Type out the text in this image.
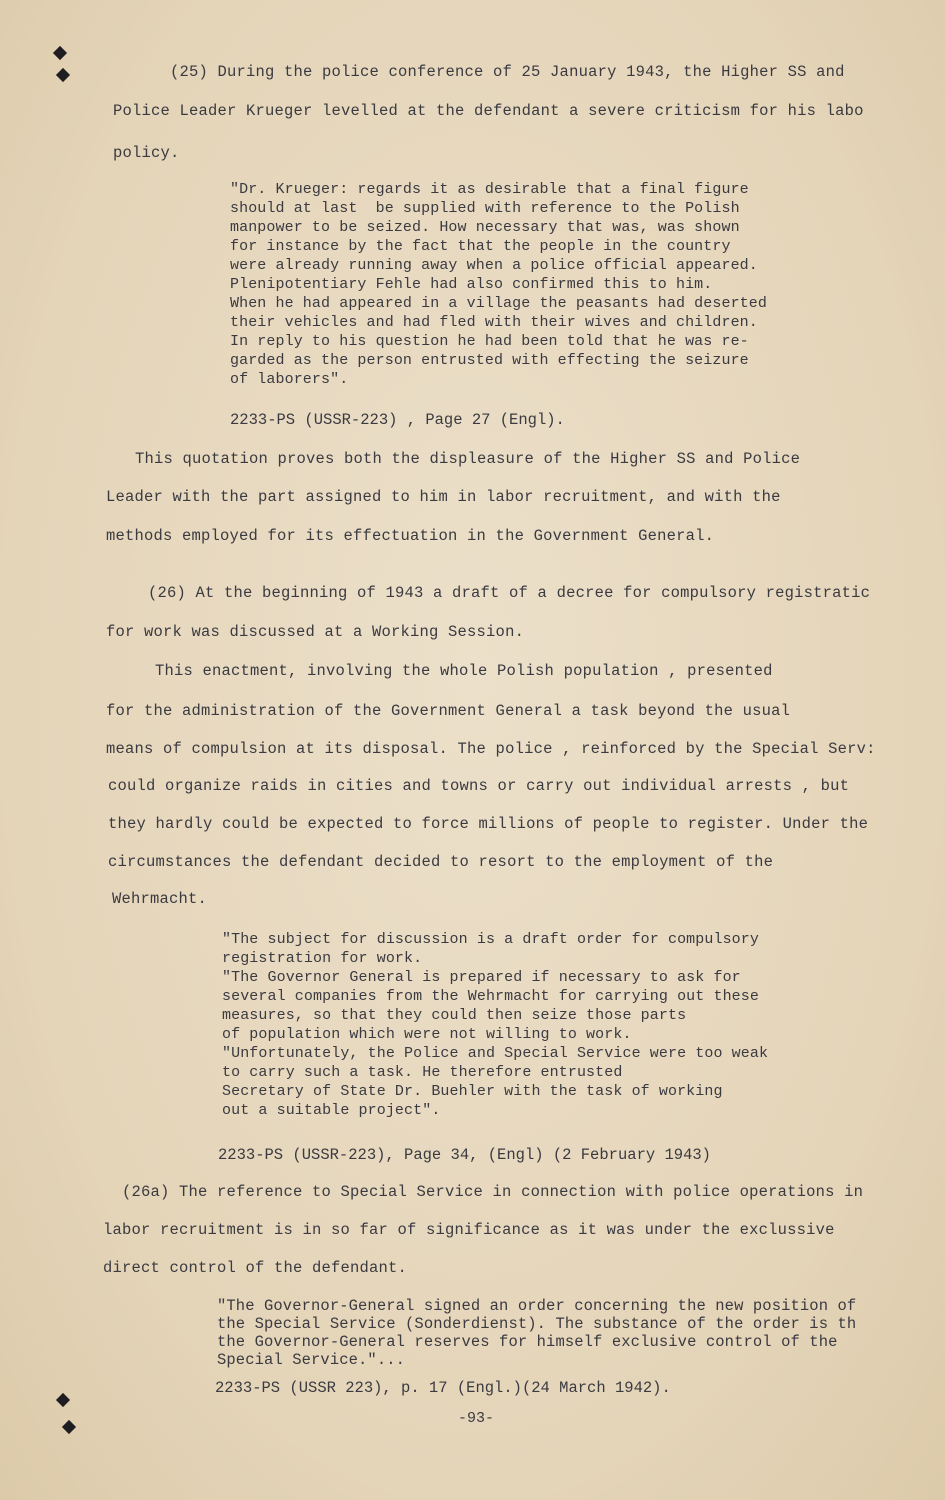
(25) During the police conference of 25 January 1943, the Higher SS and
Police Leader Krueger levelled at the defendant a severe criticism for his labo
policy.
"Dr. Krueger: regards it as desirable that a final figure
should at last  be supplied with reference to the Polish
manpower to be seized. How necessary that was, was shown
for instance by the fact that the people in the country
were already running away when a police official appeared.
Plenipotentiary Fehle had also confirmed this to him.
When he had appeared in a village the peasants had deserted
their vehicles and had fled with their wives and children.
In reply to his question he had been told that he was re-
garded as the person entrusted with effecting the seizure
of laborers".
2233-PS (USSR-223) , Page 27 (Engl).
This quotation proves both the displeasure of the Higher SS and Police
Leader with the part assigned to him in labor recruitment, and with the
methods employed for its effectuation in the Government General.
(26) At the beginning of 1943 a draft of a decree for compulsory registratic
for work was discussed at a Working Session.
This enactment, involving the whole Polish population , presented
for the administration of the Government General a task beyond the usual
means of compulsion at its disposal. The police , reinforced by the Special Serv:
could organize raids in cities and towns or carry out individual arrests , but
they hardly could be expected to force millions of people to register. Under the
circumstances the defendant decided to resort to the employment of the
Wehrmacht.
"The subject for discussion is a draft order for compulsory
registration for work.
"The Governor General is prepared if necessary to ask for
several companies from the Wehrmacht for carrying out these
measures, so that they could then seize those parts
of population which were not willing to work.
"Unfortunately, the Police and Special Service were too weak
to carry such a task. He therefore entrusted
Secretary of State Dr. Buehler with the task of working
out a suitable project".
2233-PS (USSR-223), Page 34, (Engl) (2 February 1943)
(26a) The reference to Special Service in connection with police operations in
labor recruitment is in so far of significance as it was under the exclussive
direct control of the defendant.
"The Governor-General signed an order concerning the new position of
the Special Service (Sonderdienst). The substance of the order is th
the Governor-General reserves for himself exclusive control of the
Special Service."...
2233-PS (USSR 223), p. 17 (Engl.)(24 March 1942).
-93-
